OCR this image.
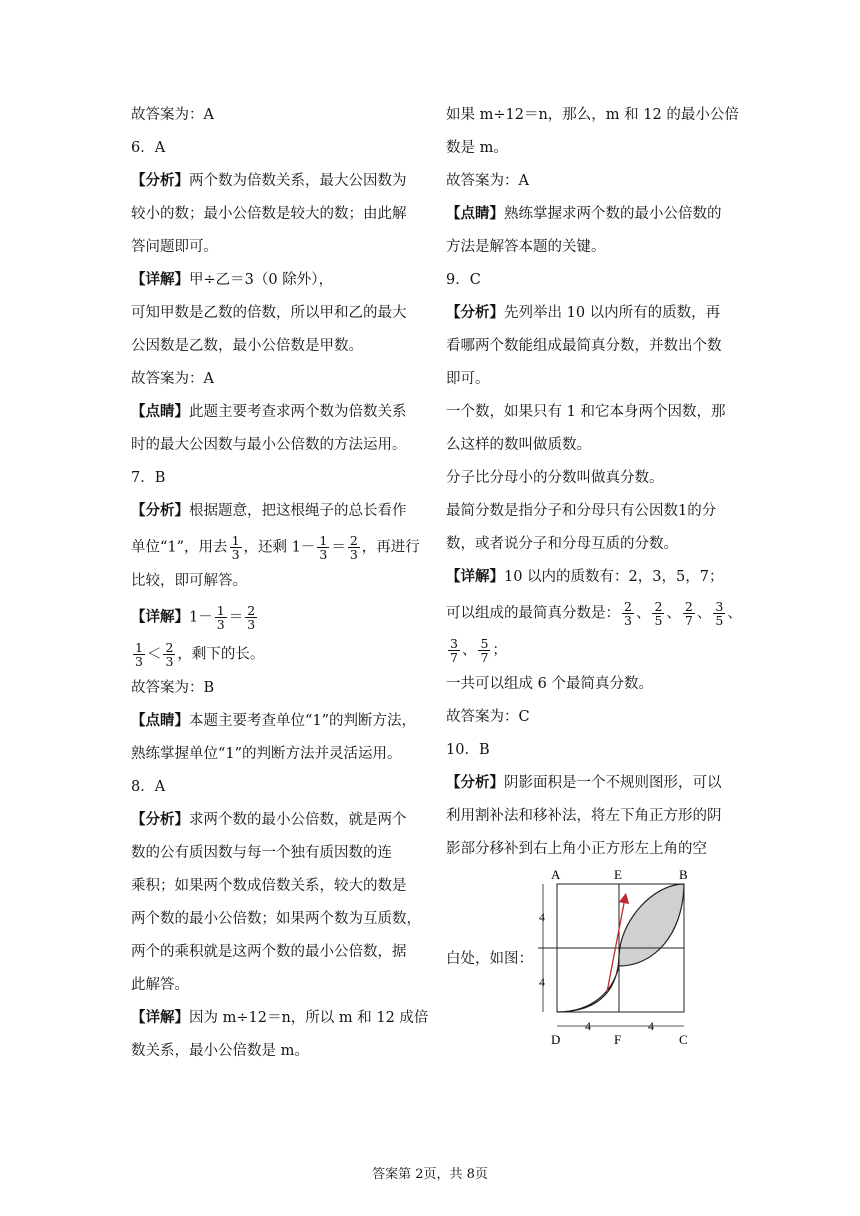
故答案为：A
6．A
【分析】两个数为倍数关系，最大公因数为
较小的数；最小公倍数是较大的数；由此解
答问题即可。
【详解】甲÷乙＝3（0 除外），
可知甲数是乙数的倍数，所以甲和乙的最大
公因数是乙数，最小公倍数是甲数。
故答案为：A
【点睛】此题主要考查求两个数为倍数关系
时的最大公因数与最小公倍数的方法运用。
7．B
【分析】根据题意，把这根绳子的总长看作
单位“1”，用去 $\frac{1}{3}$ ，还剩 $1- \frac{1}{3} = \frac{2}{3}$ ，再进行
比较，即可解答。
【详解】$1- \frac{1}{3} = \frac{2}{3}$
$\frac{1}{3} < \frac{2}{3}$ ，剩下的长。
故答案为：B
【点睛】本题主要考查单位“1”的判断方法，
熟练掌握单位“1”的判断方法并灵活运用。
8．A
【分析】求两个数的最小公倍数，就是两个
数的公有质因数与每一个独有质因数的连
乘积；如果两个数成倍数关系，较大的数是
两个数的最小公倍数；如果两个数为互质数，
两个的乘积就是这两个数的最小公倍数，据
此解答。
【详解】因为 m÷12＝n，所以 m 和 12 成倍
数关系，最小公倍数是 m。
如果 m÷12＝n，那么，m 和 12 的最小公倍
数是 m。
故答案为：A
【点睛】熟练掌握求两个数的最小公倍数的
方法是解答本题的关键。
9．C
【分析】先列举出 10 以内所有的质数，再
看哪两个数能组成最简真分数，并数出个数
即可。
一个数，如果只有 1 和它本身两个因数，那
么这样的数叫做质数。
分子比分母小的分数叫做真分数。
最简分数是指分子和分母只有公因数1的分
数，或者说分子和分母互质的分数。
【详解】10 以内的质数有：2，3，5，7；
可以组成的最简真分数是： $\frac{2}{3}$ 、 $\frac{2}{5}$ 、 $\frac{2}{7}$ 、 $\frac{3}{5}$ 、
$\frac{3}{7}$ 、 $\frac{5}{7}$ ；
一共可以组成 6 个最简真分数。
故答案为：C
10．B
【分析】阴影面积是一个不规则图形，可以
利用割补法和移补法，将左下角正方形的阴
影部分移补到右上角小正方形左上角的空
白处，如图：
4
4
4	4
A	E	B
D	F	C
答案第 2页，共 8页
